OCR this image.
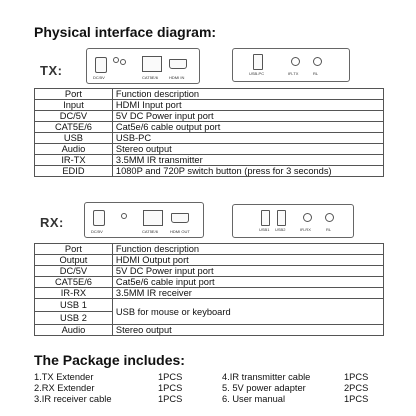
Physical interface diagram:
TX:	DC/5V	CAT5E/6	HDMI IN
USB-PC	IR-TX	RL
Port	Function description
Input	HDMI Input port
DC/5V	5V DC Power input port
CAT5E/6	Cat5e/6 cable output port
USB	USB-PC
Audio	Stereo output
IR-TX	3.5MM IR transmitter
EDID	1080P and 720P switch button (press for 3 seconds)
RX:
DC/5V	CAT5E/6	HDMI OUT	USB1 USB2	IR-RX	RL
Port	Function description
Output	HDMI Output port
DC/5V	5V DC Power input port
CAT5E/6	Cat5e/6 cable input port
IR-RX	3.5MM IR receiver
USB 1	USB for mouse or keyboard
USB 2	
Audio	Stereo output
The Package includes:
1.TX Extender	1PCS
2.RX Extender	1PCS
3.IR receiver cable	1PCS
4.IR transmitter cable	1PCS
5. 5V power adapter	2PCS
6. User manual	1PCS
